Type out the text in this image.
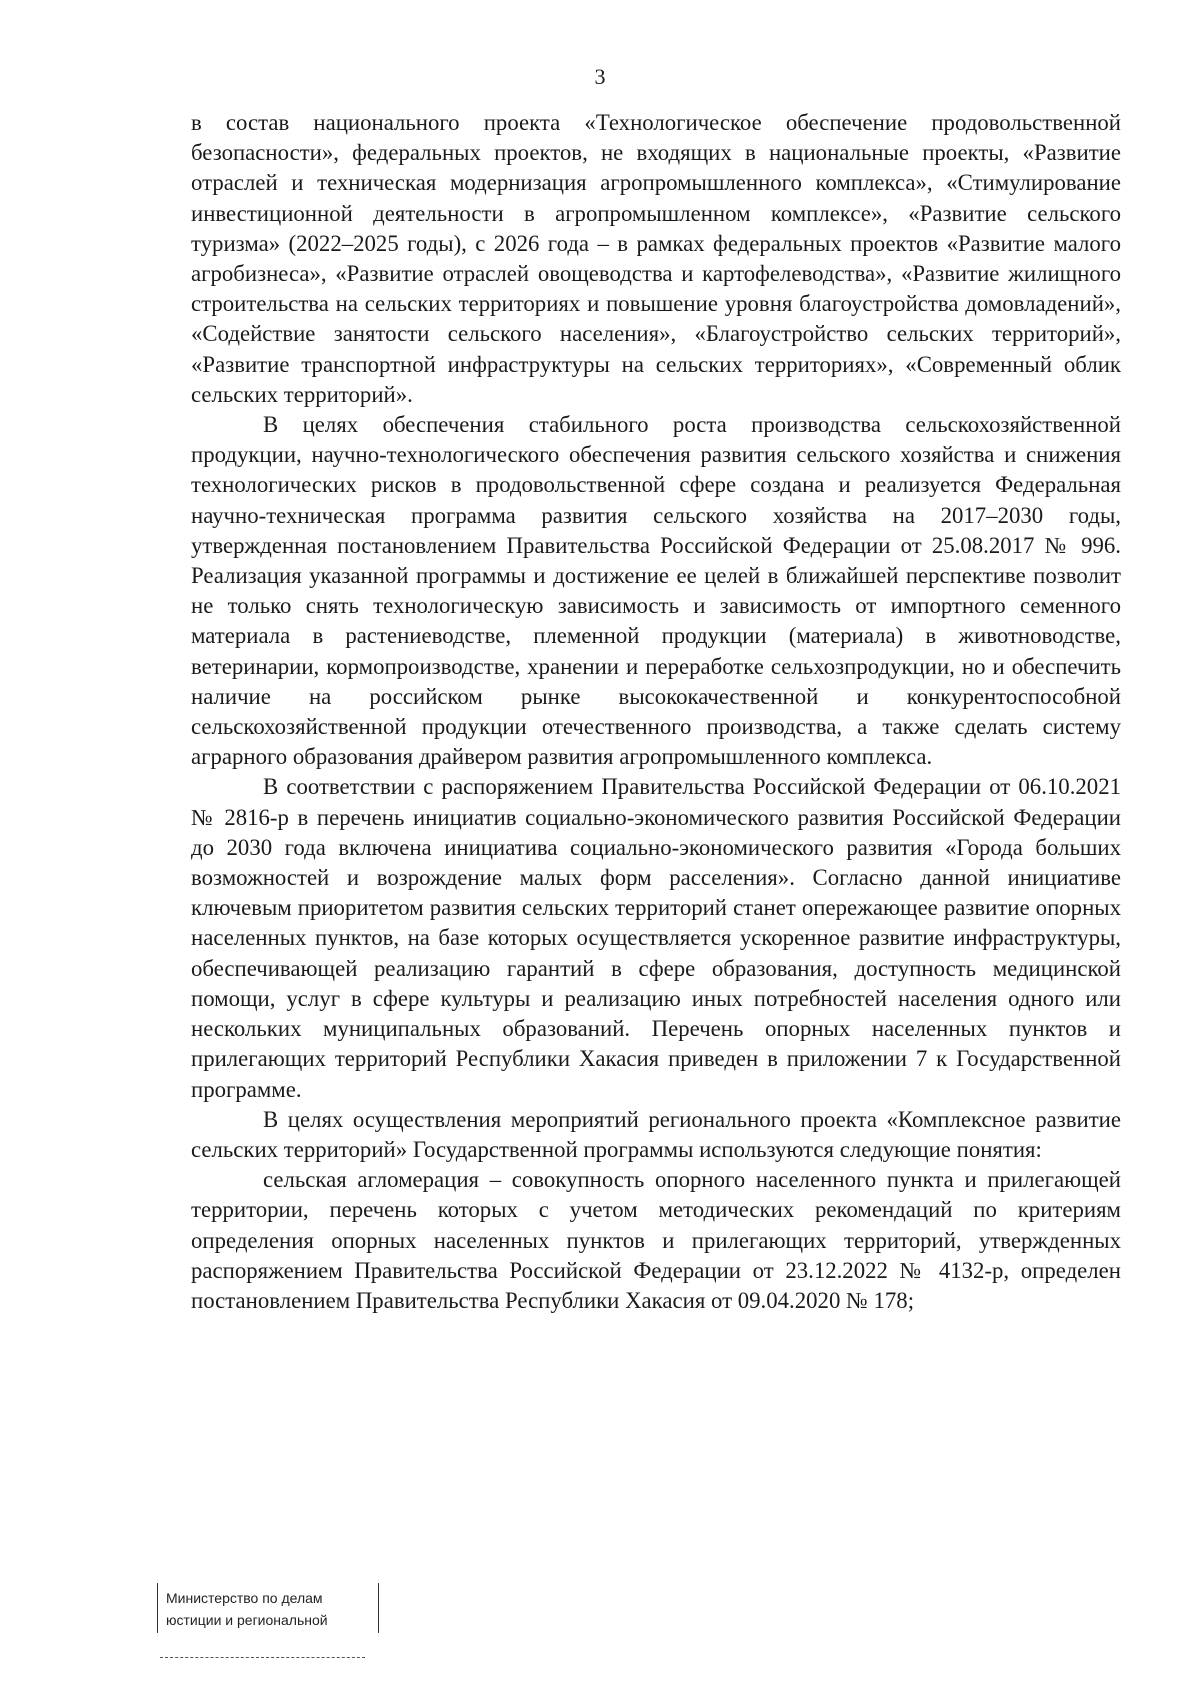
3

в состав национального проекта «Технологическое обеспечение продовольственной безопасности», федеральных проектов, не входящих в национальные проекты, «Развитие отраслей и техническая модернизация агропромышленного комплекса», «Стимулирование инвестиционной деятельности в агропромышленном комплексе», «Развитие сельского туризма» (2022–2025 годы), с 2026 года – в рамках федеральных проектов «Развитие малого агробизнеса», «Развитие отраслей овощеводства и картофелеводства», «Развитие жилищного строительства на сельских территориях и повышение уровня благоустройства домовладений», «Содействие занятости сельского населения», «Благоустройство сельских территорий», «Развитие транспортной инфраструктуры на сельских территориях», «Современный облик сельских территорий».

В целях обеспечения стабильного роста производства сельскохозяйственной продукции, научно-технологического обеспечения развития сельского хозяйства и снижения технологических рисков в продовольственной сфере создана и реализуется Федеральная научно-техническая программа развития сельского хозяйства на 2017–2030 годы, утвержденная постановлением Правительства Российской Федерации от 25.08.2017 № 996. Реализация указанной программы и достижение ее целей в ближайшей перспективе позволит не только снять технологическую зависимость и зависимость от импортного семенного материала в растениеводстве, племенной продукции (материала) в животноводстве, ветеринарии, кормопроизводстве, хранении и переработке сельхозпродукции, но и обеспечить наличие на российском рынке высококачественной и конкурентоспособной сельскохозяйственной продукции отечественного производства, а также сделать систему аграрного образования драйвером развития агропромышленного комплекса.

В соответствии с распоряжением Правительства Российской Федерации от 06.10.2021 № 2816-р в перечень инициатив социально-экономического развития Российской Федерации до 2030 года включена инициатива социально-экономического развития «Города больших возможностей и возрождение малых форм расселения». Согласно данной инициативе ключевым приоритетом развития сельских территорий станет опережающее развитие опорных населенных пунктов, на базе которых осуществляется ускоренное развитие инфраструктуры, обеспечивающей реализацию гарантий в сфере образования, доступность медицинской помощи, услуг в сфере культуры и реализацию иных потребностей населения одного или нескольких муниципальных образований. Перечень опорных населенных пунктов и прилегающих территорий Республики Хакасия приведен в приложении 7 к Государственной программе.

В целях осуществления мероприятий регионального проекта «Комплексное развитие сельских территорий» Государственной программы используются следующие понятия:

сельская агломерация – совокупность опорного населенного пункта и прилегающей территории, перечень которых с учетом методических рекомендаций по критериям определения опорных населенных пунктов и прилегающих территорий, утвержденных распоряжением Правительства Российской Федерации от 23.12.2022 № 4132-р, определен постановлением Правительства Республики Хакасия от 09.04.2020 № 178;

Министерство по делам
юстиции и региональной
